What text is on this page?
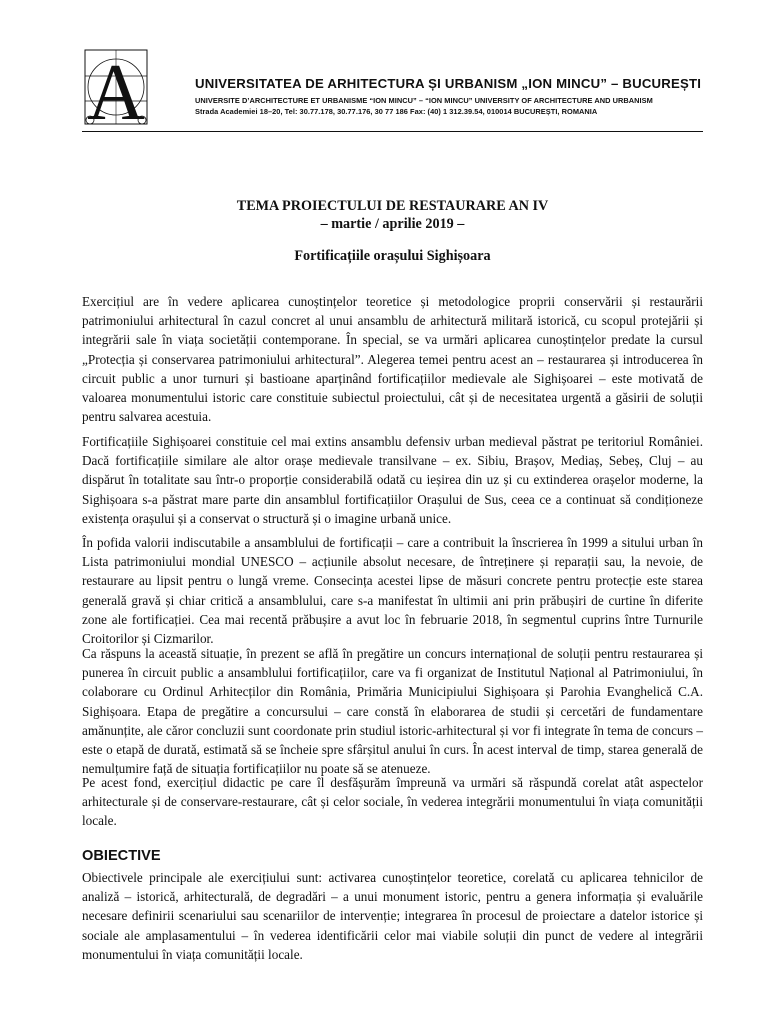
A	UNIVERSITATEA DE ARHITECTURA ȘI URBANISM „ION MINCU” – BUCUREȘTI
UNIVERSITE D’ARCHITECTURE ET URBANISME “ION MINCU” – “ION MINCU” UNIVERSITY OF ARCHITECTURE AND URBANISM
Strada Academiei 18–20, Tel: 30.77.178, 30.77.176, 30 77 186 Fax: (40) 1 312.39.54, 010014 BUCUREȘTI, ROMANIA
TEMA PROIECTULUI DE RESTAURARE AN IV
– martie / aprilie 2019 –
Fortificațiile orașului Sighișoara

Exercițiul are în vedere aplicarea cunoștințelor teoretice și metodologice proprii conservării și restaurării patrimoniului arhitectural în cazul concret al unui ansamblu de arhitectură militară istorică, cu scopul protejării și integrării sale în viața societății contemporane. În special, se va urmări aplicarea cunoștințelor predate la cursul „Protecția și conservarea patrimoniului arhitectural”. Alegerea temei pentru acest an – restaurarea și introducerea în circuit public a unor turnuri și bastioane aparținând fortificațiilor medievale ale Sighișoarei – este motivată de valoarea monumentului istoric care constituie subiectul proiectului, cât și de necesitatea urgentă a găsirii de soluții pentru salvarea acestuia.

Fortificațiile Sighișoarei constituie cel mai extins ansamblu defensiv urban medieval păstrat pe teritoriul României. Dacă fortificațiile similare ale altor orașe medievale transilvane – ex. Sibiu, Brașov, Mediaș, Sebeș, Cluj – au dispărut în totalitate sau într-o proporție considerabilă odată cu ieșirea din uz și cu extinderea orașelor moderne, la Sighișoara s-a păstrat mare parte din ansamblul fortificațiilor Orașului de Sus, ceea ce a continuat să condiționeze existența orașului și a conservat o structură și o imagine urbană unice.

În pofida valorii indiscutabile a ansamblului de fortificații – care a contribuit la înscrierea în 1999 a sitului urban în Lista patrimoniului mondial UNESCO – acțiunile absolut necesare, de întreținere și reparații sau, la nevoie, de restaurare au lipsit pentru o lungă vreme. Consecința acestei lipse de măsuri concrete pentru protecție este starea generală gravă și chiar critică a ansamblului, care s-a manifestat în ultimii ani prin prăbușiri de curtine în diferite zone ale fortificației. Cea mai recentă prăbușire a avut loc în februarie 2018, în segmentul cuprins între Turnurile Croitorilor și Cizmarilor.

Ca răspuns la această situație, în prezent se află în pregătire un concurs internațional de soluții pentru restaurarea și punerea în circuit public a ansamblului fortificațiilor, care va fi organizat de Institutul Național al Patrimoniului, în colaborare cu Ordinul Arhitecților din România, Primăria Municipiului Sighișoara și Parohia Evanghelică C.A. Sighișoara. Etapa de pregătire a concursului – care constă în elaborarea de studii și cercetări de fundamentare amănunțite, ale căror concluzii sunt coordonate prin studiul istoric-arhitectural și vor fi integrate în tema de concurs – este o etapă de durată, estimată să se încheie spre sfârșitul anului în curs. În acest interval de timp, starea generală de nemulțumire față de situația fortificațiilor nu poate să se atenueze.

Pe acest fond, exercițiul didactic pe care îl desfășurăm împreună va urmări să răspundă corelat atât aspectelor arhitecturale și de conservare-restaurare, cât și celor sociale, în vederea integrării monumentului în viața comunității locale.

OBIECTIVE

Obiectivele principale ale exercițiului sunt: activarea cunoștințelor teoretice, corelată cu aplicarea tehnicilor de analiză – istorică, arhitecturală, de degradări – a unui monument istoric, pentru a genera informația și evaluările necesare definirii scenariului sau scenariilor de intervenție; integrarea în procesul de proiectare a datelor istorice și sociale ale amplasamentului – în vederea identificării celor mai viabile soluții din punct de vedere al integrării monumentului în viața comunității locale.
